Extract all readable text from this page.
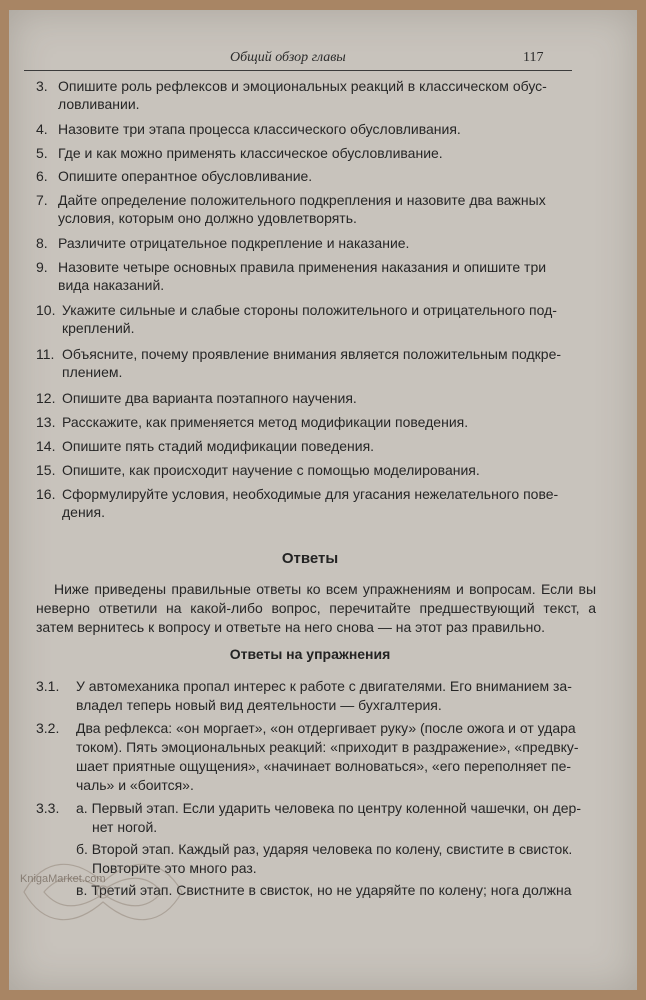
Общий обзор главы	117

3. Опишите роль рефлексов и эмоциональных реакций в классическом обус-
ловливании.

4. Назовите три этапа процесса классического обусловливания.

5. Где и как можно применять классическое обусловливание.

6. Опишите оперантное обусловливание.

7. Дайте определение положительного подкрепления и назовите два важных
условия, которым оно должно удовлетворять.

8. Различите отрицательное подкрепление и наказание.

9. Назовите четыре основных правила применения наказания и опишите три
вида наказаний.

10. Укажите сильные и слабые стороны положительного и отрицательного под-
креплений.

11. Объясните, почему проявление внимания является положительным подкре-
плением.

12. Опишите два варианта поэтапного научения.

13. Расскажите, как применяется метод модификации поведения.

14. Опишите пять стадий модификации поведения.

15. Опишите, как происходит научение с помощью моделирования.

16. Сформулируйте условия, необходимые для угасания нежелательного пове-
дения.

Ответы

Ниже приведены правильные ответы ко всем упражнениям и вопросам. Если вы неверно ответили на какой-либо вопрос, перечитайте предшествующий текст, а затем вернитесь к вопросу и ответьте на него снова — на этот раз правильно.

Ответы на упражнения
3.1.	У автомеханика пропал интерес к работе с двигателями. Его вниманием за-
владел теперь новый вид деятельности — бухгалтерия.
3.2.	Два рефлекса: «он моргает», «он отдергивает руку» (после ожога и от удара
током). Пять эмоциональных реакций: «приходит в раздражение», «предвку-
шает приятные ощущения», «начинает волноваться», «его переполняет пе-
чаль» и «боится».
3.3.	а. Первый этап. Если ударить человека по центру коленной чашечки, он дер-
нет ногой.
б. Второй этап. Каждый раз, ударяя человека по колену, свистите в свисток.
Повторите это много раз.
в. Третий этап. Свистните в свисток, но не ударяйте по колену; нога должна
KnigaMarket.com
